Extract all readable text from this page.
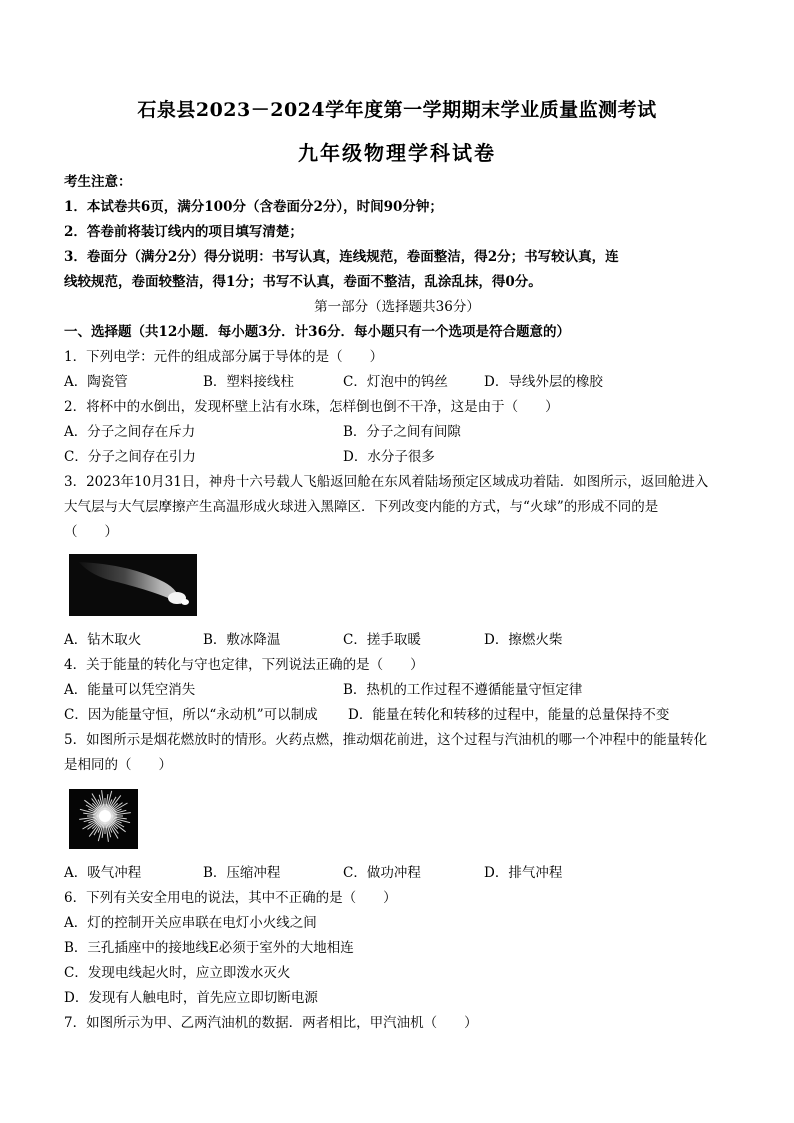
石泉县2023－2024学年度第一学期期末学业质量监测考试
九年级物理学科试卷
考生注意：
1．本试卷共6页，满分100分（含卷面分2分），时间90分钟；
2．答卷前将装订线内的项目填写清楚；
3．卷面分（满分2分）得分说明：书写认真，连线规范，卷面整洁，得2分；书写较认真，连
线较规范，卷面较整洁，得1分；书写不认真，卷面不整洁，乱涂乱抹，得0分。
第一部分（选择题共36分）
一、选择题（共12小题．每小题3分．计36分．每小题只有一个选项是符合题意的）
1．下列电学：元件的组成部分属于导体的是（　　）
A．陶瓷管	B．塑料接线柱	C．灯泡中的钨丝	D．导线外层的橡胶
2．将杯中的水倒出，发现杯壁上沾有水珠，怎样倒也倒不干净，这是由于（　　）
A．分子之间存在斥力	B．分子之间有间隙
C．分子之间存在引力	D．水分子很多
3．2023年10月31日，神舟十六号载人飞船返回舱在东风着陆场预定区域成功着陆．如图所示，返回舱进入
大气层与大气层摩擦产生高温形成火球进入黑障区．下列改变内能的方式，与“火球”的形成不同的是
（　　）
A．钻木取火	B．敷冰降温	C．搓手取暖	D．擦燃火柴
4．关于能量的转化与守也定律，下列说法正确的是（　　）
A．能量可以凭空消失	B．热机的工作过程不遵循能量守恒定律
C．因为能量守恒，所以“永动机”可以制成 D．能量在转化和转移的过程中，能量的总量保持不变
5．如图所示是烟花燃放时的情形。火药点燃，推动烟花前进，这个过程与汽油机的哪一个冲程中的能量转化
是相同的（　　）
A．吸气冲程	B．压缩冲程	C．做功冲程	D．排气冲程
6．下列有关安全用电的说法，其中不正确的是（　　）
A．灯的控制开关应串联在电灯小火线之间
B．三孔插座中的接地线E必须于室外的大地相连
C．发现电线起火时，应立即泼水灭火
D．发现有人触电时，首先应立即切断电源
7．如图所示为甲、乙两汽油机的数据．两者相比，甲汽油机（　　）
